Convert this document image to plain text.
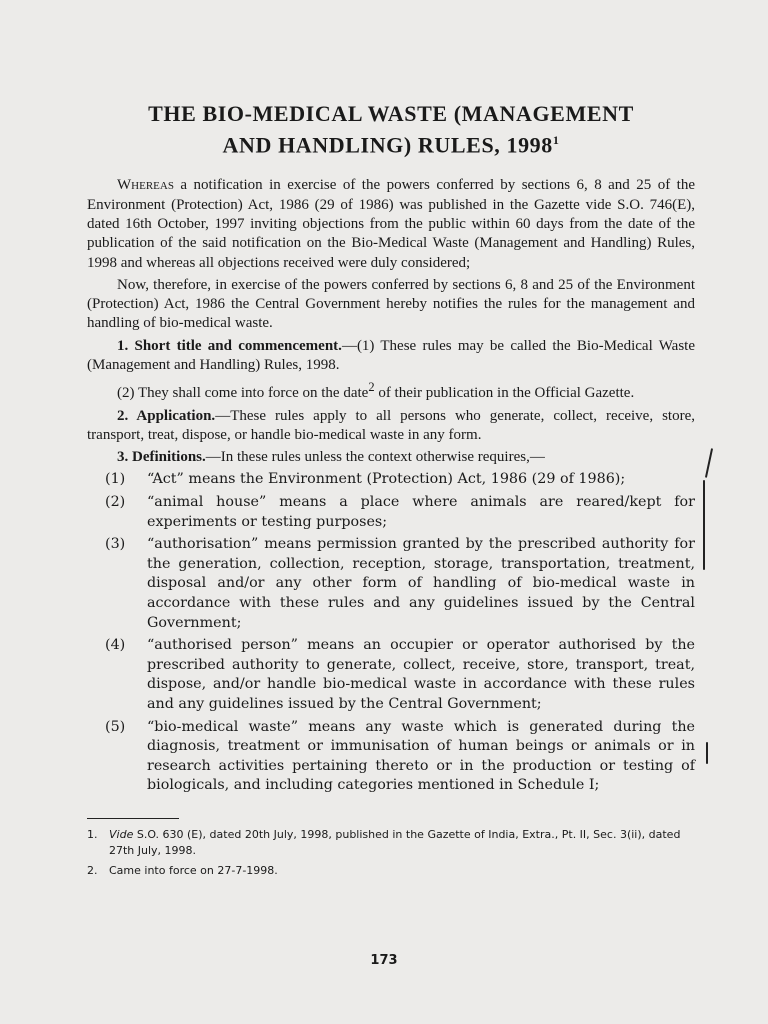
THE BIO-MEDICAL WASTE (MANAGEMENT
AND HANDLING) RULES, 1998$^1$

Whereas a notification in exercise of the powers conferred by sections 6, 8 and 25 of the Environment (Protection) Act, 1986 (29 of 1986) was published in the Gazette vide S.O. 746(E), dated 16th October, 1997 inviting objections from the public within 60 days from the date of the publication of the said notification on the Bio-Medical Waste (Management and Handling) Rules, 1998 and whereas all objections received were duly considered;

Now, therefore, in exercise of the powers conferred by sections 6, 8 and 25 of the Environment (Protection) Act, 1986 the Central Government hereby notifies the rules for the management and handling of bio-medical waste.

1. Short title and commencement.—(1) These rules may be called the Bio-Medical Waste (Management and Handling) Rules, 1998.

(2) They shall come into force on the date$^2$ of their publication in the Official Gazette.

2. Application.—These rules apply to all persons who generate, collect, receive, store, transport, treat, dispose, or handle bio-medical waste in any form.

3. Definitions.—In these rules unless the context otherwise requires,—

(1)	“Act” means the Environment (Protection) Act, 1986 (29 of 1986);
(2)	“animal house” means a place where animals are reared/kept for experiments or testing purposes;
(3)	“authorisation” means permission granted by the prescribed authority for the generation, collection, reception, storage, transportation, treatment, disposal and/or any other form of handling of bio-medical waste in accordance with these rules and any guidelines issued by the Central Government;
(4)	“authorised person” means an occupier or operator authorised by the prescribed authority to generate, collect, receive, store, transport, treat, dispose, and/or handle bio-medical waste in accordance with these rules and any guidelines issued by the Central Government;
(5)	“bio-medical waste” means any waste which is generated during the diagnosis, treatment or immunisation of human beings or animals or in research activities pertaining thereto or in the production or testing of biologicals, and including categories mentioned in Schedule I;
1.	Vide S.O. 630 (E), dated 20th July, 1998, published in the Gazette of India, Extra., Pt. II, Sec. 3(ii), dated 27th July, 1998.
2.	Came into force on 27-7-1998.
173
